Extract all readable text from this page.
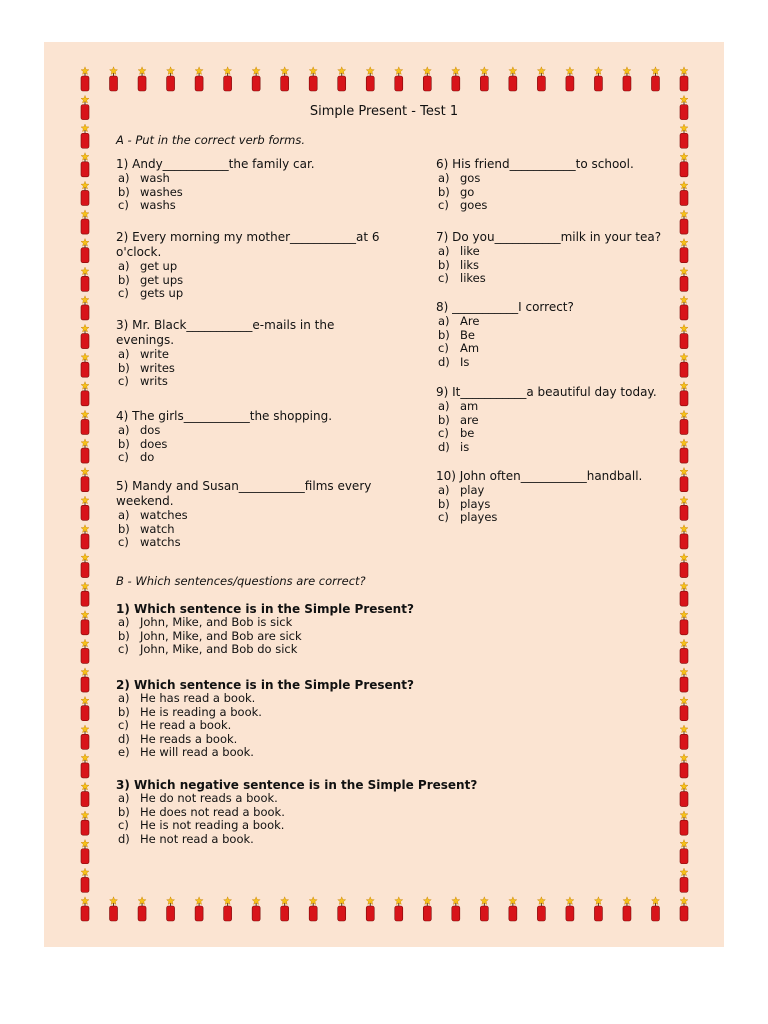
Simple Present - Test 1
A - Put in the correct verb forms.
1) Andy___________the family car.
a) wash
b) washes
c) washs
2) Every morning my mother___________at 6 o'clock.
a) get up
b) get ups
c) gets up
3) Mr. Black___________e-mails in the evenings.
a) write
b) writes
c) writs
4) The girls___________the shopping.
a) dos
b) does
c) do
5) Mandy and Susan___________films every weekend.
a) watches
b) watch
c) watchs
6) His friend___________to school.
a) gos
b) go
c) goes
7) Do you___________milk in your tea?
a) like
b) liks
c) likes
8) ___________I correct?
a) Are
b) Be
c) Am
d) Is
9) It___________a beautiful day today.
a) am
b) are
c) be
d) is
10) John often___________handball.
a) play
b) plays
c) playes
B - Which sentences/questions are correct?
1) Which sentence is in the Simple Present?
a) John, Mike, and Bob is sick
b) John, Mike, and Bob are sick
c) John, Mike, and Bob do sick
2) Which sentence is in the Simple Present?
a) He has read a book.
b) He is reading a book.
c) He read a book.
d) He reads a book.
e) He will read a book.
3) Which negative sentence is in the Simple Present?
a) He do not reads a book.
b) He does not read a book.
c) He is not reading a book.
d) He not read a book.
